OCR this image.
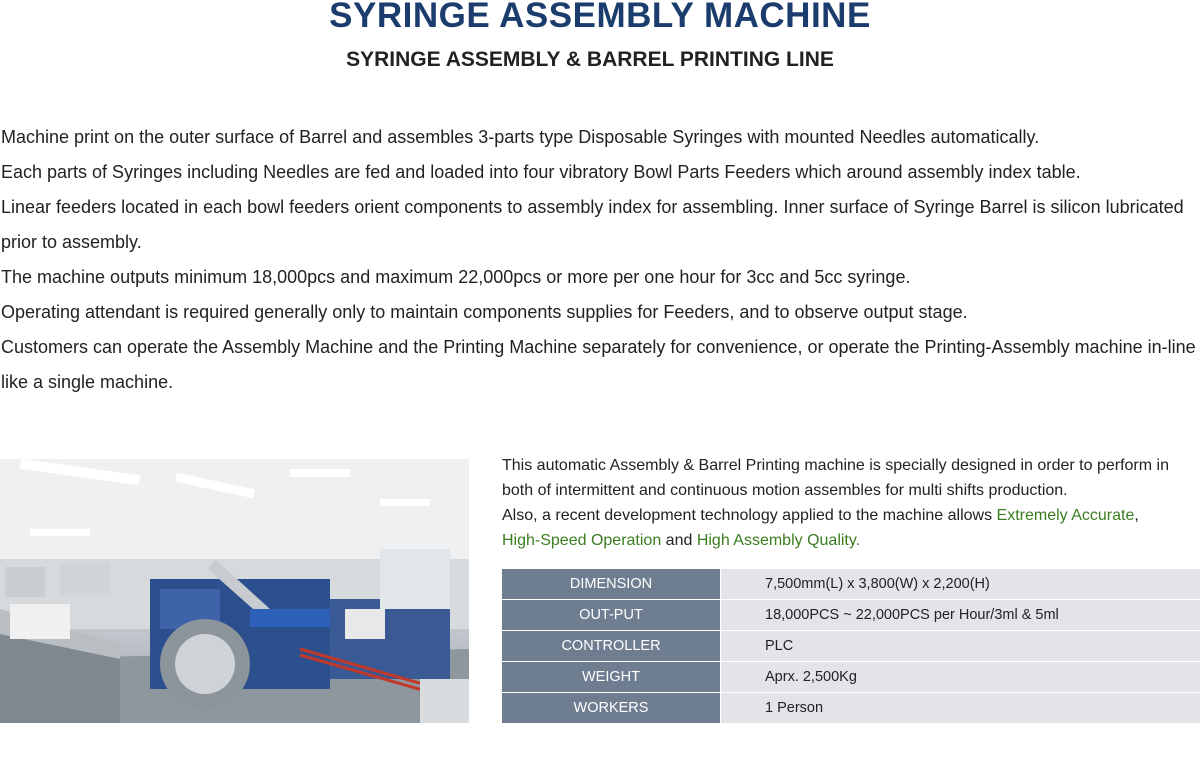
SYRINGE ASSEMBLY MACHINE
SYRINGE ASSEMBLY & BARREL PRINTING LINE

Machine print on the outer surface of Barrel and assembles 3-parts type Disposable Syringes with mounted Needles automatically.

Each parts of Syringes including Needles are fed and loaded into four vibratory Bowl Parts Feeders which around assembly index table.

Linear feeders located in each bowl feeders orient components to assembly index for assembling. Inner surface of Syringe Barrel is silicon lubricated prior to assembly.

The machine outputs minimum 18,000pcs and maximum 22,000pcs or more per one hour for 3cc and 5cc syringe.

Operating attendant is required generally only to maintain components supplies for Feeders, and to observe output stage.

Customers can operate the Assembly Machine and the Printing Machine separately for convenience, or operate the Printing-Assembly machine in-line like a single machine.

This automatic Assembly & Barrel Printing machine is specially designed in order to perform in both of intermittent and continuous motion assembles for multi shifts production.
Also, a recent development technology applied to the machine allows Extremely Accurate,
High-Speed Operation and High Assembly Quality.
DIMENSION	7,500mm(L) x 3,800(W) x 2,200(H)
OUT-PUT	18,000PCS ~ 22,000PCS per Hour/3ml & 5ml
CONTROLLER	PLC
WEIGHT	Aprx. 2,500Kg
WORKERS	1 Person
